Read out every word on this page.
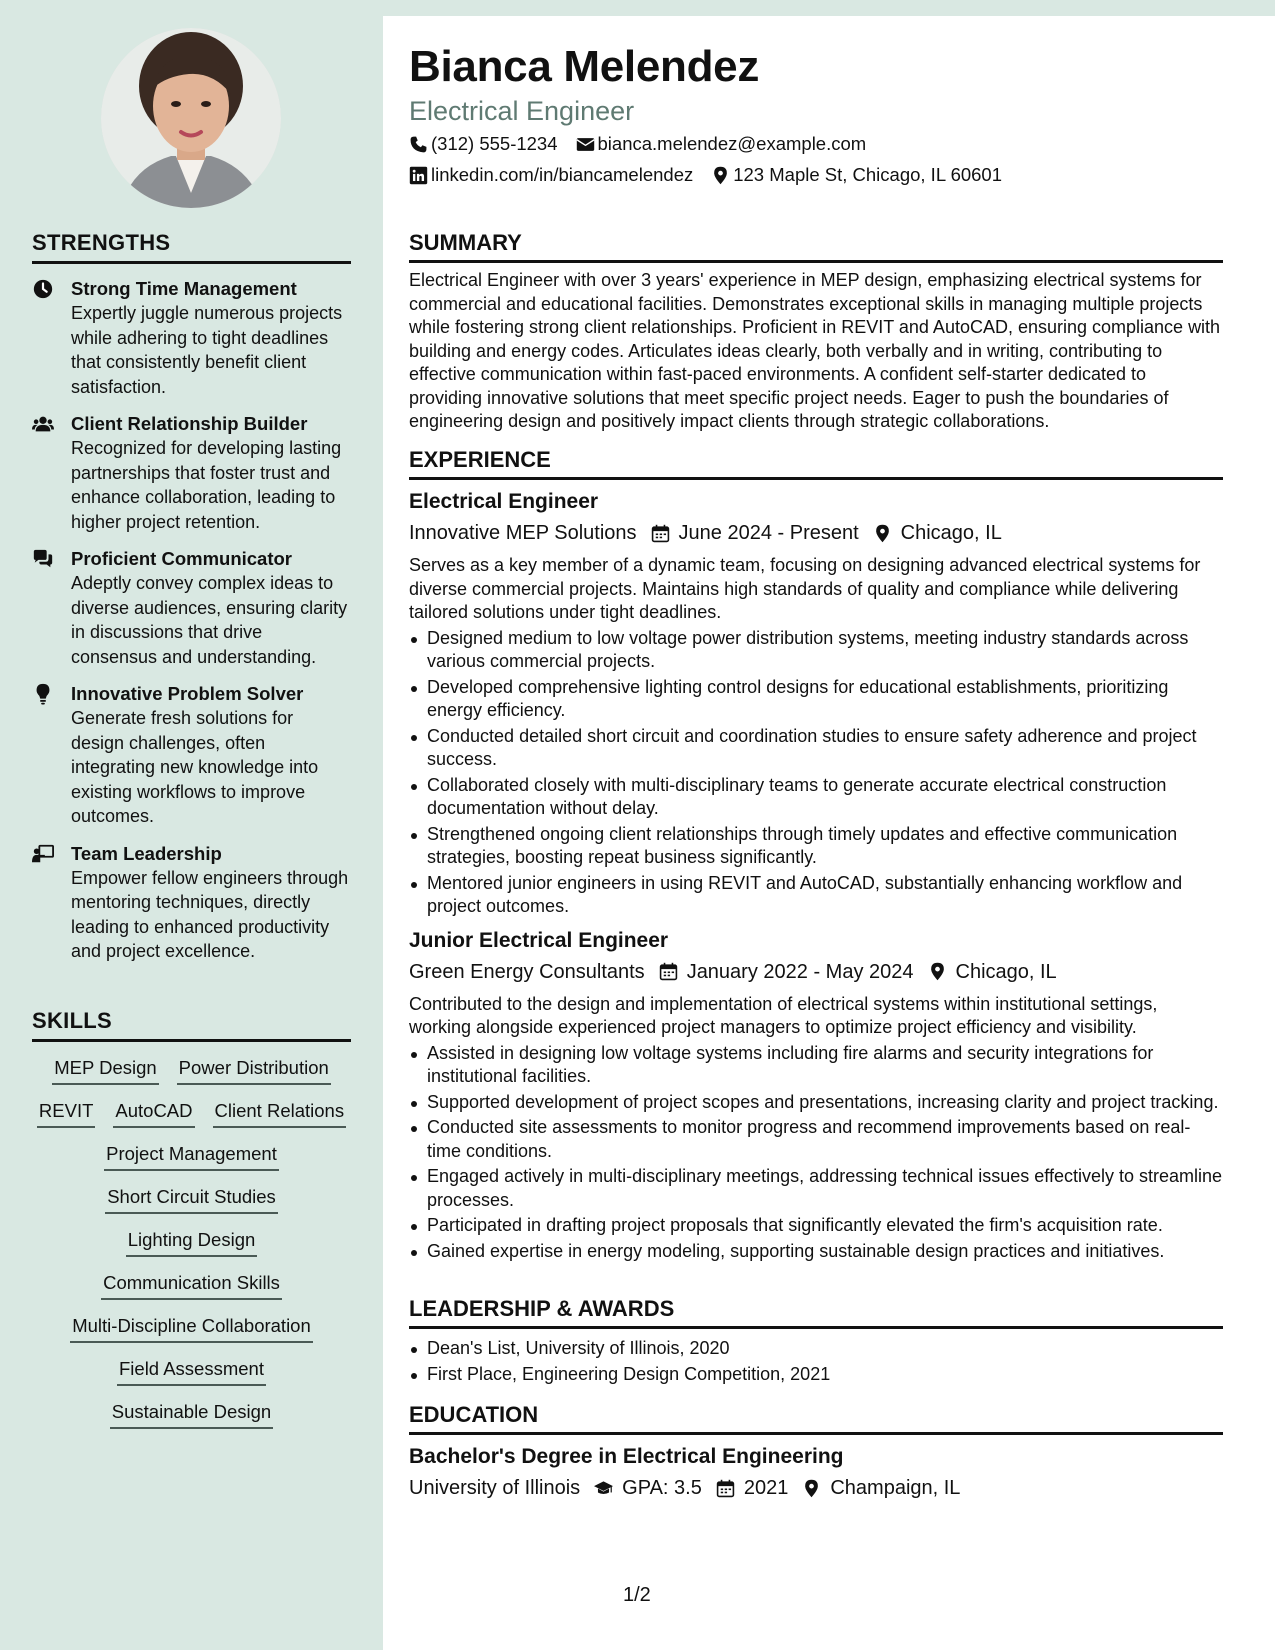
STRENGTHS
Strong Time Management
Expertly juggle numerous projects while adhering to tight deadlines that consistently benefit client satisfaction.
Client Relationship Builder
Recognized for developing lasting partnerships that foster trust and enhance collaboration, leading to higher project retention.
Proficient Communicator
Adeptly convey complex ideas to diverse audiences, ensuring clarity in discussions that drive consensus and understanding.
Innovative Problem Solver
Generate fresh solutions for design challenges, often integrating new knowledge into existing workflows to improve outcomes.
Team Leadership
Empower fellow engineers through mentoring techniques, directly leading to enhanced productivity and project excellence.
SKILLS
MEP Design Power Distribution
REVIT AutoCAD Client Relations
Project Management
Short Circuit Studies
Lighting Design
Communication Skills
Multi-Discipline Collaboration
Field Assessment
Sustainable Design
Bianca Melendez
Electrical Engineer
(312) 555-1234 bianca.melendez@example.com
linkedin.com/in/biancamelendez 123 Maple St, Chicago, IL 60601
SUMMARY

Electrical Engineer with over 3 years' experience in MEP design, emphasizing electrical systems for commercial and educational facilities. Demonstrates exceptional skills in managing multiple projects while fostering strong client relationships. Proficient in REVIT and AutoCAD, ensuring compliance with building and energy codes. Articulates ideas clearly, both verbally and in writing, contributing to effective communication within fast-paced environments. A confident self-starter dedicated to providing innovative solutions that meet specific project needs. Eager to push the boundaries of engineering design and positively impact clients through strategic collaborations.

EXPERIENCE
Electrical Engineer
Innovative MEP Solutions June 2024 - Present Chicago, IL

Serves as a key member of a dynamic team, focusing on designing advanced electrical systems for diverse commercial projects. Maintains high standards of quality and compliance while delivering tailored solutions under tight deadlines.

Designed medium to low voltage power distribution systems, meeting industry standards across various commercial projects.
Developed comprehensive lighting control designs for educational establishments, prioritizing energy efficiency.
Conducted detailed short circuit and coordination studies to ensure safety adherence and project success.
Collaborated closely with multi-disciplinary teams to generate accurate electrical construction documentation without delay.
Strengthened ongoing client relationships through timely updates and effective communication strategies, boosting repeat business significantly.
Mentored junior engineers in using REVIT and AutoCAD, substantially enhancing workflow and project outcomes.
Junior Electrical Engineer
Green Energy Consultants January 2022 - May 2024 Chicago, IL

Contributed to the design and implementation of electrical systems within institutional settings, working alongside experienced project managers to optimize project efficiency and visibility.

Assisted in designing low voltage systems including fire alarms and security integrations for institutional facilities.
Supported development of project scopes and presentations, increasing clarity and project tracking.
Conducted site assessments to monitor progress and recommend improvements based on real-time conditions.
Engaged actively in multi-disciplinary meetings, addressing technical issues effectively to streamline processes.
Participated in drafting project proposals that significantly elevated the firm's acquisition rate.
Gained expertise in energy modeling, supporting sustainable design practices and initiatives.
LEADERSHIP & AWARDS
Dean's List, University of Illinois, 2020
First Place, Engineering Design Competition, 2021
EDUCATION
Bachelor's Degree in Electrical Engineering
University of Illinois GPA: 3.5 2021 Champaign, IL
1/2
